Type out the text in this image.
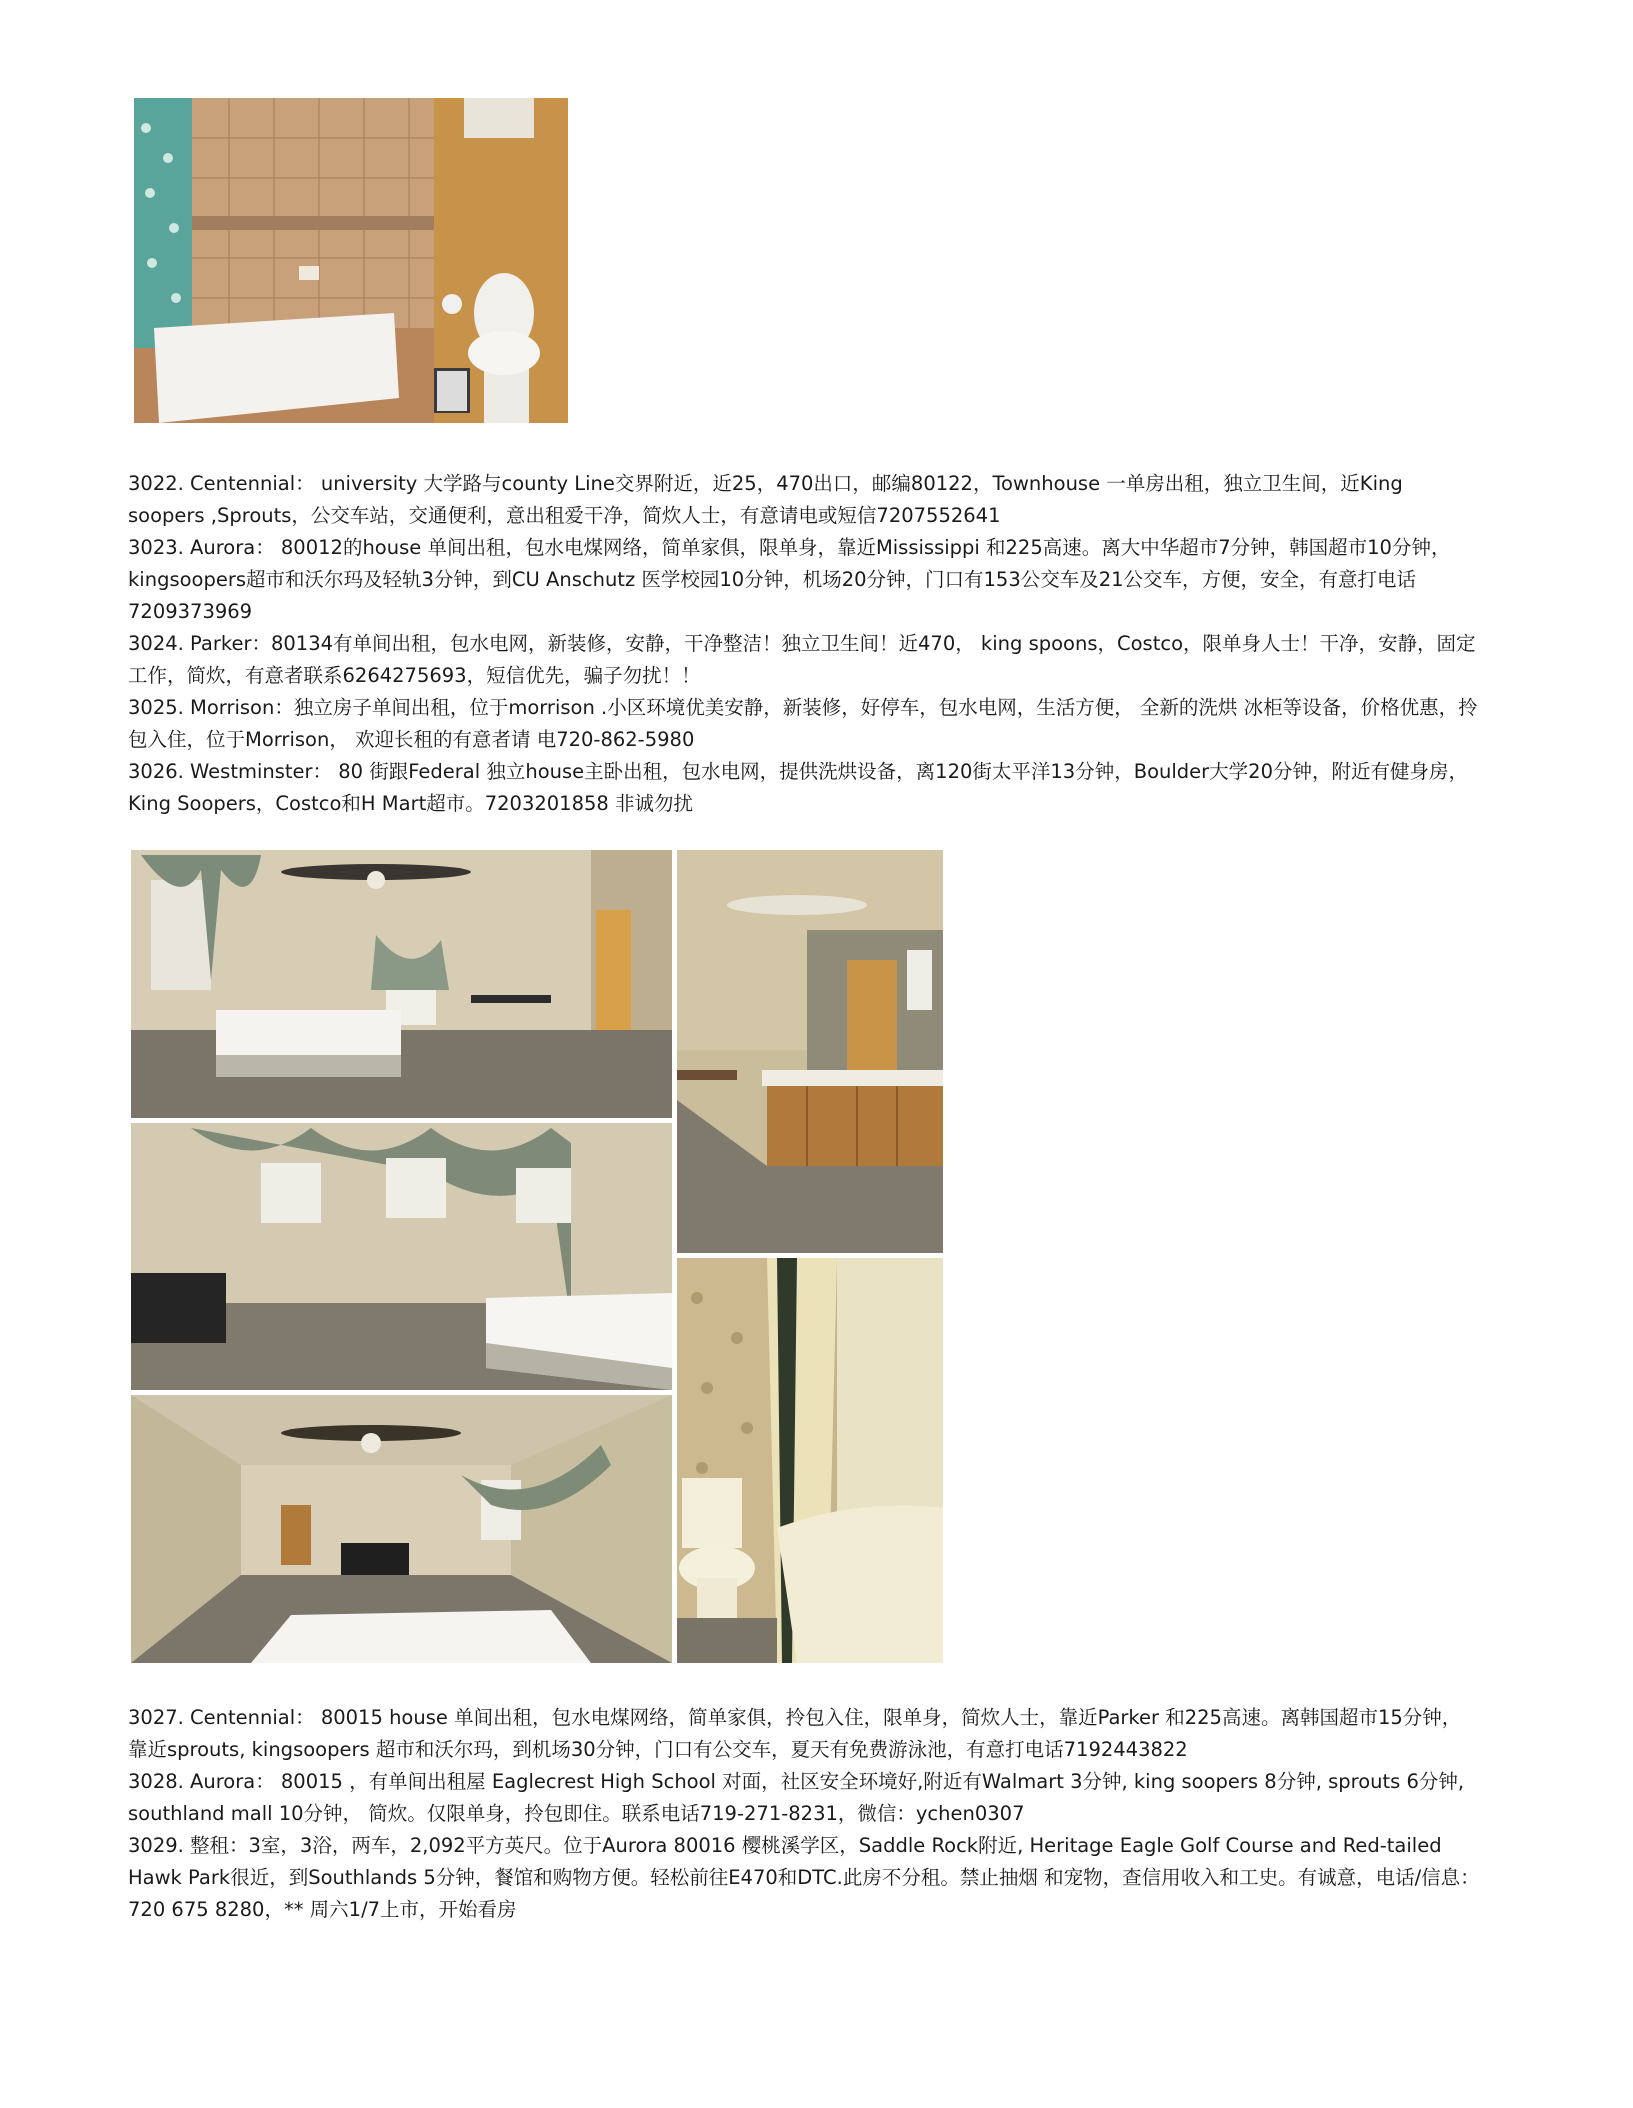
3022. Centennial： university 大学路与county Line交界附近，近25，470出口，邮编80122，Townhouse 一单房出租，独立卫生间，近King soopers ,Sprouts，公交车站，交通便利，意出租爱干净，简炊人士，有意请电或短信7207552641

3023. Aurora： 80012的house 单间出租，包水电煤网络，简单家俱，限单身，靠近Mississippi 和225高速。离大中华超市7分钟，韩国超市10分钟，kingsoopers超市和沃尔玛及轻轨3分钟，到CU Anschutz 医学校园10分钟，机场20分钟，门口有153公交车及21公交车，方便，安全，有意打电话7209373969

3024. Parker：80134有单间出租，包水电网，新装修，安静，干净整洁！独立卫生间！近470， king spoons，Costco，限单身人士！干净，安静，固定工作，简炊，有意者联系6264275693，短信优先，骗子勿扰！！

3025. Morrison：独立房子单间出租，位于morrison .小区环境优美安静，新装修，好停车，包水电网，生活方便， 全新的洗烘 冰柜等设备，价格优惠，拎包入住，位于Morrison， 欢迎长租的有意者请 电720-862-5980

3026. Westminster： 80 街跟Federal 独立house主卧出租，包水电网，提供洗烘设备，离120街太平洋13分钟，Boulder大学20分钟，附近有健身房，King Soopers，Costco和H Mart超市。7203201858 非诚勿扰

3027. Centennial： 80015 house 单间出租，包水电煤网络，简单家俱，拎包入住，限单身，简炊人士，靠近Parker 和225高速。离韩国超市15分钟，靠近sprouts, kingsoopers 超市和沃尔玛，到机场30分钟，门口有公交车，夏天有免费游泳池，有意打电话7192443822

3028. Aurora： 80015 ，有单间出租屋 Eaglecrest High School 对面，社区安全环境好,附近有Walmart 3分钟, king soopers 8分钟, sprouts 6分钟, southland mall 10分钟， 简炊。仅限单身，拎包即住。联系电话719-271-8231，微信：ychen0307

3029. 整租：3室，3浴，两车，2,092平方英尺。位于Aurora 80016 樱桃溪学区，Saddle Rock附近, Heritage Eagle Golf Course and Red-tailed Hawk Park很近，到Southlands 5分钟，餐馆和购物方便。轻松前往E470和DTC.此房不分租。禁止抽烟 和宠物，查信用收入和工史。有诚意，电话/信息：720 675 8280，** 周六1/7上市，开始看房
